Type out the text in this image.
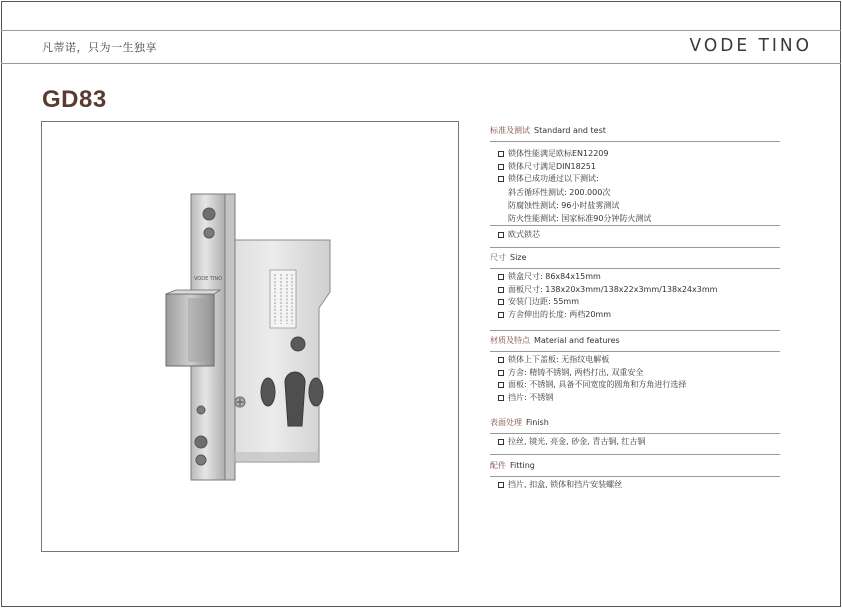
凡蒂诺，只为一生独享	VODE TINO
GD83
VODE TINO
标准及测试 Standard and test
锁体性能满足欧标EN12209
锁体尺寸满足DIN18251
锁体已成功通过以下测试:
斜舌循环性测试: 200.000次
防腐蚀性测试: 96小时盐雾测试
防火性能测试: 国家标准90分钟防火测试
欧式锁芯
尺寸 Size
锁盒尺寸: 86x84x15mm
面板尺寸: 138x20x3mm/138x22x3mm/138x24x3mm
安装门边距: 55mm
方舍伸出的长度: 两档20mm
材质及特点 Material and features
锁体上下盖板: 无指纹电解板
方舍: 精铸不锈钢, 两档打出, 双重安全
面板: 不锈钢, 具备不同宽度的圆角和方角进行选择
挡片: 不锈钢
表面处理 Finish
拉丝, 镜光, 亮金, 砂金, 青古铜, 红古铜
配件 Fitting
挡片, 扣盒, 锁体和挡片安装螺丝
